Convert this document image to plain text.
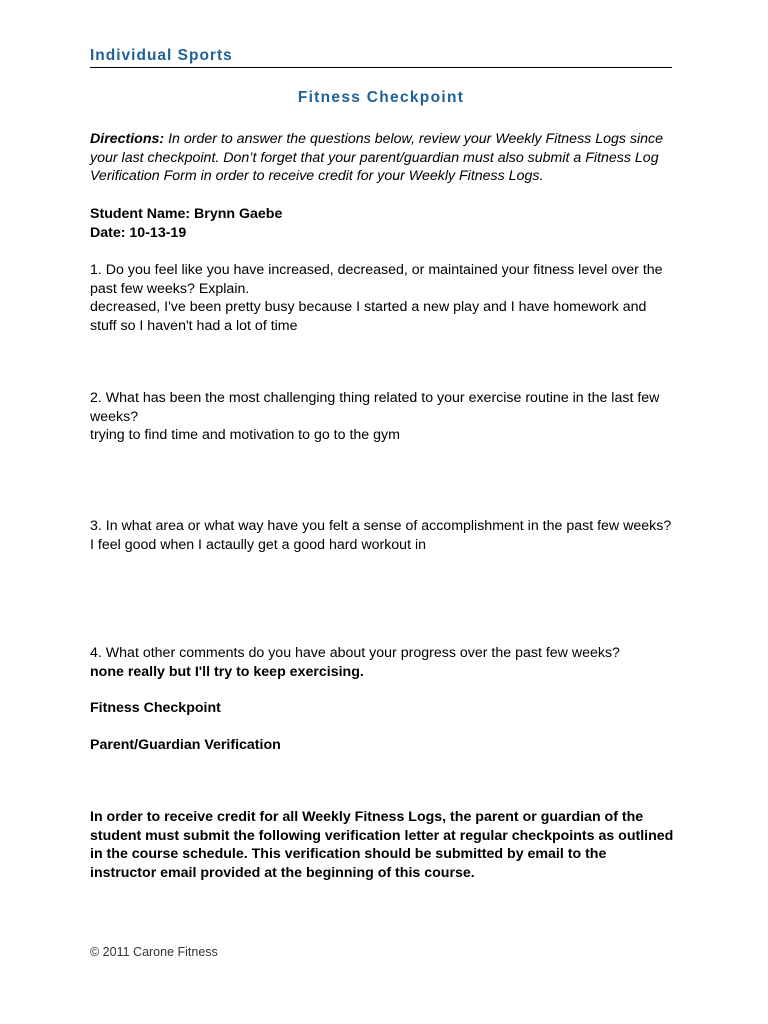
Individual Sports
Fitness Checkpoint
Directions: In order to answer the questions below, review your Weekly Fitness Logs since your last checkpoint. Don’t forget that your parent/guardian must also submit a Fitness Log Verification Form in order to receive credit for your Weekly Fitness Logs.

Student Name: Brynn Gaebe

Date: 10-13-19

1. Do you feel like you have increased, decreased, or maintained your fitness level over the past few weeks? Explain.

decreased, I've been pretty busy because I started a new play and I have homework and stuff so I haven't had a lot of time

2. What has been the most challenging thing related to your exercise routine in the last few weeks?

trying to find time and motivation to go to the gym

3. In what area or what way have you felt a sense of accomplishment in the past few weeks?

I feel good when I actaully get a good hard workout in

4. What other comments do you have about your progress over the past few weeks?

none really but I'll try to keep exercising.

Fitness Checkpoint
Parent/Guardian Verification
In order to receive credit for all Weekly Fitness Logs, the parent or guardian of the student must submit the following verification letter at regular checkpoints as outlined in the course schedule. This verification should be submitted by email to the instructor email provided at the beginning of this course.
© 2011 Carone Fitness
